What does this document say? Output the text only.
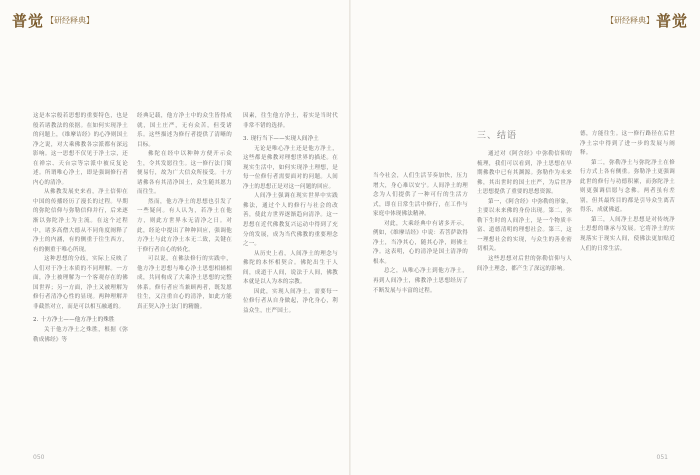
普觉 【研经释典】	【研经释典】 普觉

这是本宗般若思想的重要特色，也是般若诸教法的依据。在如何实现净土的问题上，《维摩诘经》的心净则国土净之说，对大乘佛教各宗派都有深远影响。这一思想不仅见于净土宗，还在禅宗、天台宗等宗派中被反复论述。所谓唯心净土，即是强调修行者内心的清净。

从佛教发展史来看，净土信仰在中国的传播经历了漫长的过程。早期的弥陀信仰与弥勒信仰并行，后来逐渐以弥陀净土为主流。在这个过程中，诸多高僧大德从不同角度阐释了净土的内涵，有的侧重于往生西方，有的侧重于唯心所现。

这种思想的分歧，实际上反映了人们对于净土本质的不同理解。一方面，净土被理解为一个客观存在的佛国世界；另一方面，净土又被理解为修行者清净心性的显现。两种理解并非截然对立，而是可以相互融通的。

2. 十方净土——他方净土的殊胜

关于他方净土之殊胜，根据《弥勒成佛经》等

经典记载，他方净土中的众生皆得成就，国土庄严，无有众苦，但受诸乐。这些描述为修行者提供了清晰的目标。

佛陀在经中以种种方便开示众生，令其发愿往生。这一修行法门简便易行，故为广大信众所接受。十方诸佛各有其清净国土，众生随其愿力而往生。

然而，他方净土的思想也引发了一些疑问。有人认为，若净土在他方，则此方世界永无清净之日。对此，经论中提出了种种回应，强调他方净土与此方净土本无二致，关键在于修行者自心的转化。

可以说，在佛法修行的实践中，他方净土思想与唯心净土思想相辅相成，共同构成了大乘净土思想的完整体系。修行者应当兼顾两者，既发愿往生，又注重自心的清净，如此方能真正契入净土法门的精髓。

因素，往生他方净土，着实是当时代非常不错的选择。

3. 现行当下——实现人间净土

无论是唯心净土还是他方净土，这些都是佛教对理想世界的描述。在现实生活中，如何实现净土理想，是每一位修行者需要面对的问题。人间净土的思想正是对这一问题的回应。

人间净土强调在现实世界中实践佛法，通过个人的修行与社会的改善，使此方世界逐渐趋向清净。这一思想在近代佛教复兴运动中得到了充分的发展，成为当代佛教的重要理念之一。

从历史上看，人间净土的理念与佛陀的本怀相契合。佛陀出生于人间，成道于人间，说法于人间，佛教本就是以人为本的宗教。

因此，实现人间净土，需要每一位修行者从自身做起，净化身心，利益众生，庄严国土。

当今社会，人们生活节奏加快，压力增大，身心难以安宁。人间净土的理念为人们提供了一种可行的生活方式，即在日常生活中修行，在工作与家庭中体现佛法精神。

对此，大乘经典中有诸多开示。例如，《维摩诘经》中说：若菩萨欲得净土，当净其心，随其心净，则佛土净。这表明，心的清净是国土清净的根本。

总之，从唯心净土到他方净土，再到人间净土，佛教净土思想经历了不断发展与丰富的过程。

三、结语

通过对《阿含经》中弥勒信仰的梳理，我们可以看到，净土思想在早期佛教中已有其渊源。弥勒作为未来佛，其出世时的国土庄严，为后世净土思想提供了重要的思想资源。

第一，《阿含经》中弥勒的形象，主要以未来佛的身份出现。第二，弥勒下生时的人间净土，是一个物质丰富、道德清明的理想社会。第三，这一理想社会的实现，与众生的善业密切相关。

这些思想对后世的弥勒信仰与人间净土理念，都产生了深远的影响。

德，方能往生。这一修行路径在后世净土宗中得到了进一步的发展与阐释。

第二，弥勒净土与弥陀净土在修行方式上各有侧重。弥勒净土更强调此世的修行与功德积累，而弥陀净土则更强调信愿与念佛。两者虽有差别，但其最终目的都是引导众生离苦得乐，成就佛道。

第三，人间净土思想是对传统净土思想的继承与发展。它将净土的实现落实于现实人间，使佛法更加贴近人们的日常生活。

050	051
